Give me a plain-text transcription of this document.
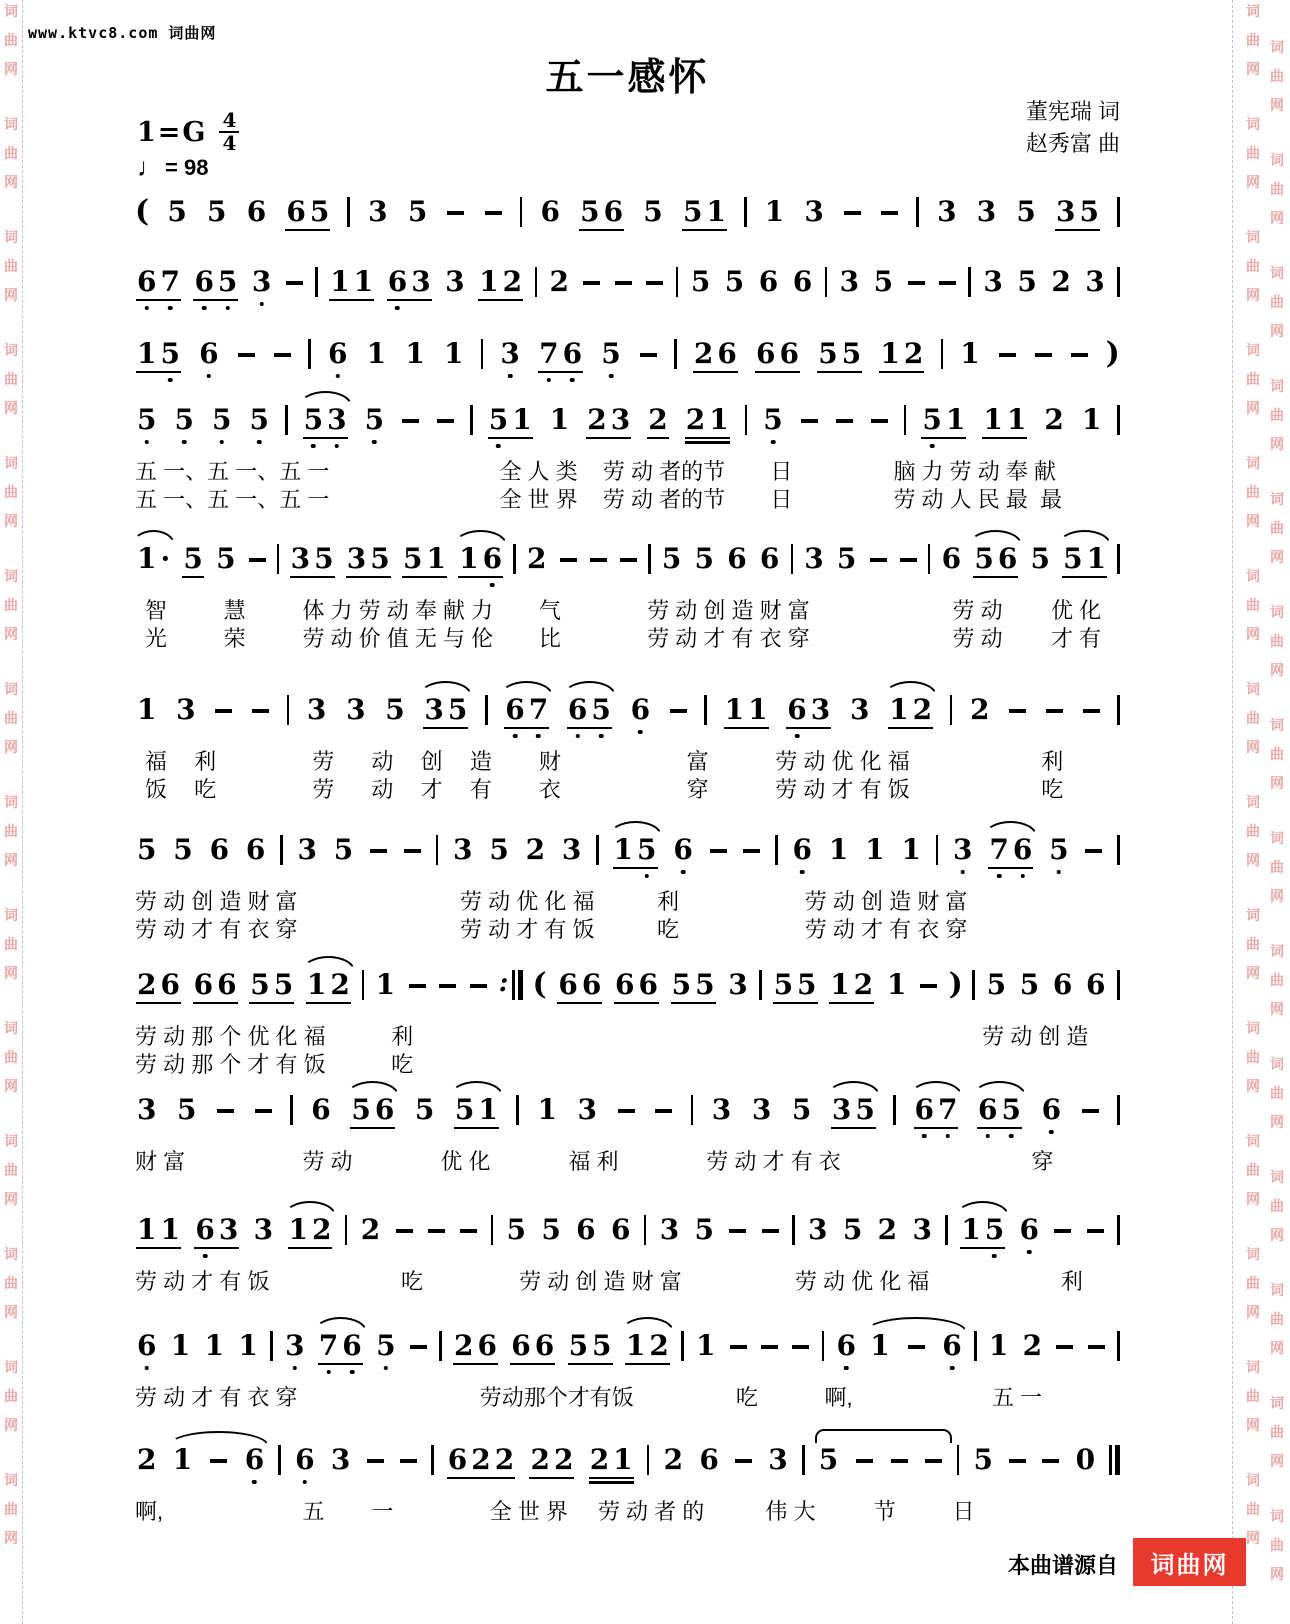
词
曲
网
词
曲
网
词
曲
网
词
曲
网
词
曲
网
词
曲
网
词
曲
网
词
曲
网
词
曲
网
词
曲
网
词
曲
网
词
曲
网
词
曲
网
词
曲
网
词
曲
网
词
曲
网
词
曲
网
词
曲
网
词
曲
网
词
曲
网
词
曲
网
词
曲
网
词
曲
网
词
曲
网
词
曲
网
词
曲
网
词
曲
网
词
曲
网
词
曲
网
词
曲
网
词
曲
网
词
曲
网
词
曲
网
词
曲
网
词
曲
网
词
曲
网
词
曲
网
词
曲
网
词
曲
网
词
曲
网
词
曲
网
词
曲
网
www.ktvc8.com 词曲网
五一感怀
董宪瑞 词
赵秀富 曲
$1=G \frac{4}{4}$
♩ = 98
( 5 5 6 6 5 3 5	6 5 6 5 5 1 1 3	3 3 5 3 5
6 7 6 5 3 1 1 6 3 3 1 2 2	5 5 6 6 3 5	3 5 2 3
1 5 6	6 1 1 1 3 7 6 5	2 6 6 6 5 5 1 2 1	)
5 5 5 5 5 3 5	5 1 1 2 3 2 2 1 5	5 1 1 1 2 1
五 一、五 一、五 一	全 人 类 劳 动 者的节 日	脑 力 劳 动 奉 献
五 一、五 一、五 一	全 世 界 劳 动 者的节 日	劳 动 人 民 最  最
1 · 5 5 3 5 3 5 5 1 1 6 2	5 5 6 6 3 5	6 5 6 5 5 1
智	慧	体 力 劳 动 奉 献 力 气	劳 动 创 造 财 富	劳 动 优 化
光	荣	劳 动 价 值 无 与 伦 比	劳 动 才 有 衣 穿	劳 动 才 有
1 3	3 3 5 3 5 6 7 6 5 6	1 1 6 3 3 1 2 2
福 利	劳 动 创 造 财	富	劳 动 优 化 福	利
饭 吃	劳 动 才 有 衣	穿	劳 动 才 有 饭	吃
5 5 6 6 3 5	3 5 2 3 1 5 6	6 1 1 1 3 7 6 5
劳 动 创 造 财 富	劳 动 优 化 福	利	劳 动 创 造 财 富
劳 动 才 有 衣 穿	劳 动 才 有 饭	吃	劳 动 才 有 衣 穿
2 6 6 6 5 5 1 2 1	: ( 6 6 6 6 5 5 3 5 5 1 2 1 ) 5 5 6 6
劳 动 那 个 优 化 福	利	劳 动 创 造
劳 动 那 个 才 有 饭	吃
3 5	6 5 6 5 5 1 1 3	3 3 5 3 5 6 7 6 5 6
财 富	劳 动	优 化	福 利	劳 动 才 有 衣	穿
1 1 6 3 3 1 2 2	5 5 6 6 3 5	3 5 2 3 1 5 6
劳 动 才 有 饭	吃	劳 动 创 造 财 富	劳 动 优 化 福	利
6 1 1 1 3 7 6 5 2 6 6 6 5 5 1 2 1	6 1

6 1 2
劳 动 才 有 衣 穿	劳动那个才有饭	吃	啊,	五 一
2 1

6 6 3	6 2 2 2 2 2 1 2 6 3 5

	5	0
啊,	五 一	全 世 界 劳 动 者 的	伟 大	节	日
本曲谱源自	词曲网
